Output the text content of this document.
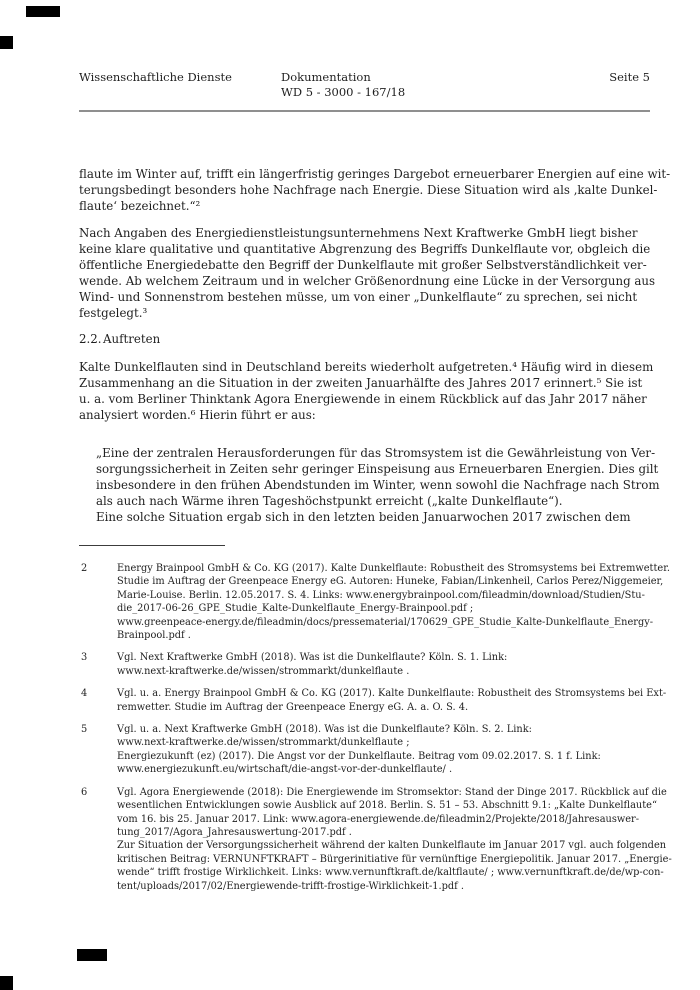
Wissenschaftliche Dienste	Dokumentation
WD 5 - 3000 - 167/18
Seite 5
flaute im Winter auf, trifft ein längerfristig geringes Dargebot erneuerbarer Energien auf eine wit-
terungsbedingt besonders hohe Nachfrage nach Energie. Diese Situation wird als ‚kalte Dunkel-
flaute‘ bezeichnet.“²
Nach Angaben des Energiedienstleistungsunternehmens Next Kraftwerke GmbH liegt bisher
keine klare qualitative und quantitative Abgrenzung des Begriffs Dunkelflaute vor, obgleich die
öffentliche Energiedebatte den Begriff der Dunkelflaute mit großer Selbstverständlichkeit ver-
wende. Ab welchem Zeitraum und in welcher Größenordnung eine Lücke in der Versorgung aus
Wind- und Sonnenstrom bestehen müsse, um von einer „Dunkelflaute“ zu sprechen, sei nicht
festgelegt.³
2.2.Auftreten
Kalte Dunkelflauten sind in Deutschland bereits wiederholt aufgetreten.⁴ Häufig wird in diesem
Zusammenhang an die Situation in der zweiten Januarhälfte des Jahres 2017 erinnert.⁵ Sie ist
u. a. vom Berliner Thinktank Agora Energiewende in einem Rückblick auf das Jahr 2017 näher
analysiert worden.⁶ Hierin führt er aus:
„Eine der zentralen Herausforderungen für das Stromsystem ist die Gewährleistung von Ver-
sorgungssicherheit in Zeiten sehr geringer Einspeisung aus Erneuerbaren Energien. Dies gilt
insbesondere in den frühen Abendstunden im Winter, wenn sowohl die Nachfrage nach Strom
als auch nach Wärme ihren Tageshöchstpunkt erreicht („kalte Dunkelflaute“).
Eine solche Situation ergab sich in den letzten beiden Januarwochen 2017 zwischen dem
2	Energy Brainpool GmbH & Co. KG (2017). Kalte Dunkelflaute: Robustheit des Stromsystems bei Extremwetter.
Studie im Auftrag der Greenpeace Energy eG. Autoren: Huneke, Fabian/Linkenheil, Carlos Perez/Niggemeier,
Marie-Louise. Berlin. 12.05.2017. S. 4. Links: www.energybrainpool.com/fileadmin/download/Studien/Stu-
die_2017-06-26_GPE_Studie_Kalte-Dunkelflaute_Energy-Brainpool.pdf ;
www.greenpeace-energy.de/fileadmin/docs/pressematerial/170629_GPE_Studie_Kalte-Dunkelflaute_Energy-
Brainpool.pdf .
3	Vgl. Next Kraftwerke GmbH (2018). Was ist die Dunkelflaute? Köln. S. 1. Link:
www.next-kraftwerke.de/wissen/strommarkt/dunkelflaute .
4	Vgl. u. a. Energy Brainpool GmbH & Co. KG (2017). Kalte Dunkelflaute: Robustheit des Stromsystems bei Ext-
remwetter. Studie im Auftrag der Greenpeace Energy eG. A. a. O. S. 4.
5	Vgl. u. a. Next Kraftwerke GmbH (2018). Was ist die Dunkelflaute? Köln. S. 2. Link:
www.next-kraftwerke.de/wissen/strommarkt/dunkelflaute ;
Energiezukunft (ez) (2017). Die Angst vor der Dunkelflaute. Beitrag vom 09.02.2017. S. 1 f. Link:
www.energiezukunft.eu/wirtschaft/die-angst-vor-der-dunkelflaute/ .
6	Vgl. Agora Energiewende (2018): Die Energiewende im Stromsektor: Stand der Dinge 2017. Rückblick auf die
wesentlichen Entwicklungen sowie Ausblick auf 2018. Berlin. S. 51 – 53. Abschnitt 9.1: „Kalte Dunkelflaute“
vom 16. bis 25. Januar 2017. Link: www.agora-energiewende.de/fileadmin2/Projekte/2018/Jahresauswer-
tung_2017/Agora_Jahresauswertung-2017.pdf .
Zur Situation der Versorgungssicherheit während der kalten Dunkelflaute im Januar 2017 vgl. auch folgenden
kritischen Beitrag: VERNUNFTKRAFT – Bürgerinitiative für vernünftige Energiepolitik. Januar 2017. „Energie-
wende“ trifft frostige Wirklichkeit. Links: www.vernunftkraft.de/kaltflaute/ ; www.vernunftkraft.de/de/wp-con-
tent/uploads/2017/02/Energiewende-trifft-frostige-Wirklichkeit-1.pdf .
